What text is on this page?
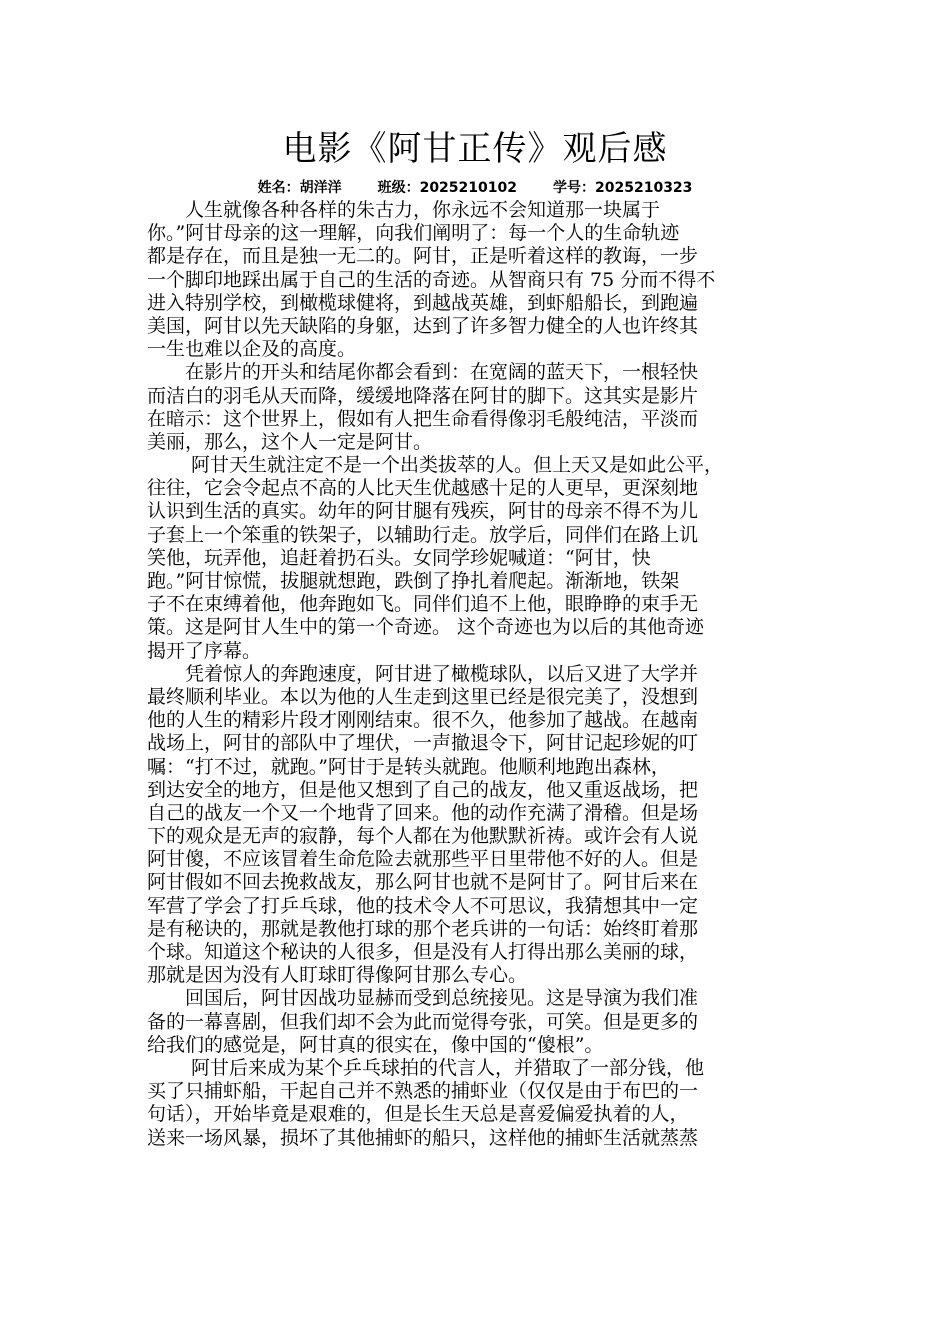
电影《阿甘正传》观后感
姓名：胡洋洋	班级：2025210102	学号：2025210323
　　人生就像各种各样的朱古力，你永远不会知道那一块属于
你。”阿甘母亲的这一理解，向我们阐明了：每一个人的生命轨迹
都是存在，而且是独一无二的。阿甘，正是听着这样的教诲，一步
一个脚印地踩出属于自己的生活的奇迹。从智商只有 75 分而不得不
进入特别学校，到橄榄球健将，到越战英雄，到虾船船长，到跑遍
美国，阿甘以先天缺陷的身躯，达到了许多智力健全的人也许终其
一生也难以企及的高度。
　　在影片的开头和结尾你都会看到：在宽阔的蓝天下，一根轻快
而洁白的羽毛从天而降，缓缓地降落在阿甘的脚下。这其实是影片
在暗示：这个世界上，假如有人把生命看得像羽毛般纯洁，平淡而
美丽，那么，这个人一定是阿甘。
　　 阿甘天生就注定不是一个出类拔萃的人。但上天又是如此公平，
往往，它会令起点不高的人比天生优越感十足的人更早，更深刻地
认识到生活的真实。幼年的阿甘腿有残疾，阿甘的母亲不得不为儿
子套上一个笨重的铁架子，以辅助行走。放学后，同伴们在路上讥
笑他，玩弄他，追赶着扔石头。女同学珍妮喊道：“阿甘，快
跑。”阿甘惊慌，拔腿就想跑，跌倒了挣扎着爬起。渐渐地，铁架
子不在束缚着他，他奔跑如飞。同伴们追不上他，眼睁睁的束手无
策。这是阿甘人生中的第一个奇迹。 这个奇迹也为以后的其他奇迹
揭开了序幕。
　　凭着惊人的奔跑速度，阿甘进了橄榄球队，以后又进了大学并
最终顺利毕业。本以为他的人生走到这里已经是很完美了，没想到
他的人生的精彩片段才刚刚结束。很不久，他参加了越战。在越南
战场上，阿甘的部队中了埋伏，一声撤退令下，阿甘记起珍妮的叮
嘱：“打不过，就跑。”阿甘于是转头就跑。他顺利地跑出森林，
到达安全的地方，但是他又想到了自己的战友，他又重返战场，把
自己的战友一个又一个地背了回来。他的动作充满了滑稽。但是场
下的观众是无声的寂静，每个人都在为他默默祈祷。或许会有人说
阿甘傻，不应该冒着生命危险去就那些平日里带他不好的人。但是
阿甘假如不回去挽救战友，那么阿甘也就不是阿甘了。阿甘后来在
军营了学会了打乒乓球，他的技术令人不可思议，我猜想其中一定
是有秘诀的，那就是教他打球的那个老兵讲的一句话：始终盯着那
个球。知道这个秘诀的人很多，但是没有人打得出那么美丽的球，
那就是因为没有人盯球盯得像阿甘那么专心。
　　回国后，阿甘因战功显赫而受到总统接见。这是导演为我们准
备的一幕喜剧，但我们却不会为此而觉得夸张，可笑。但是更多的
给我们的感觉是，阿甘真的很实在，像中国的“傻根”。
　　 阿甘后来成为某个乒乓球拍的代言人，并猎取了一部分钱，他
买了只捕虾船，干起自己并不熟悉的捕虾业（仅仅是由于布巴的一
句话），开始毕竟是艰难的，但是长生天总是喜爱偏爱执着的人，
送来一场风暴，损坏了其他捕虾的船只，这样他的捕虾生活就蒸蒸
